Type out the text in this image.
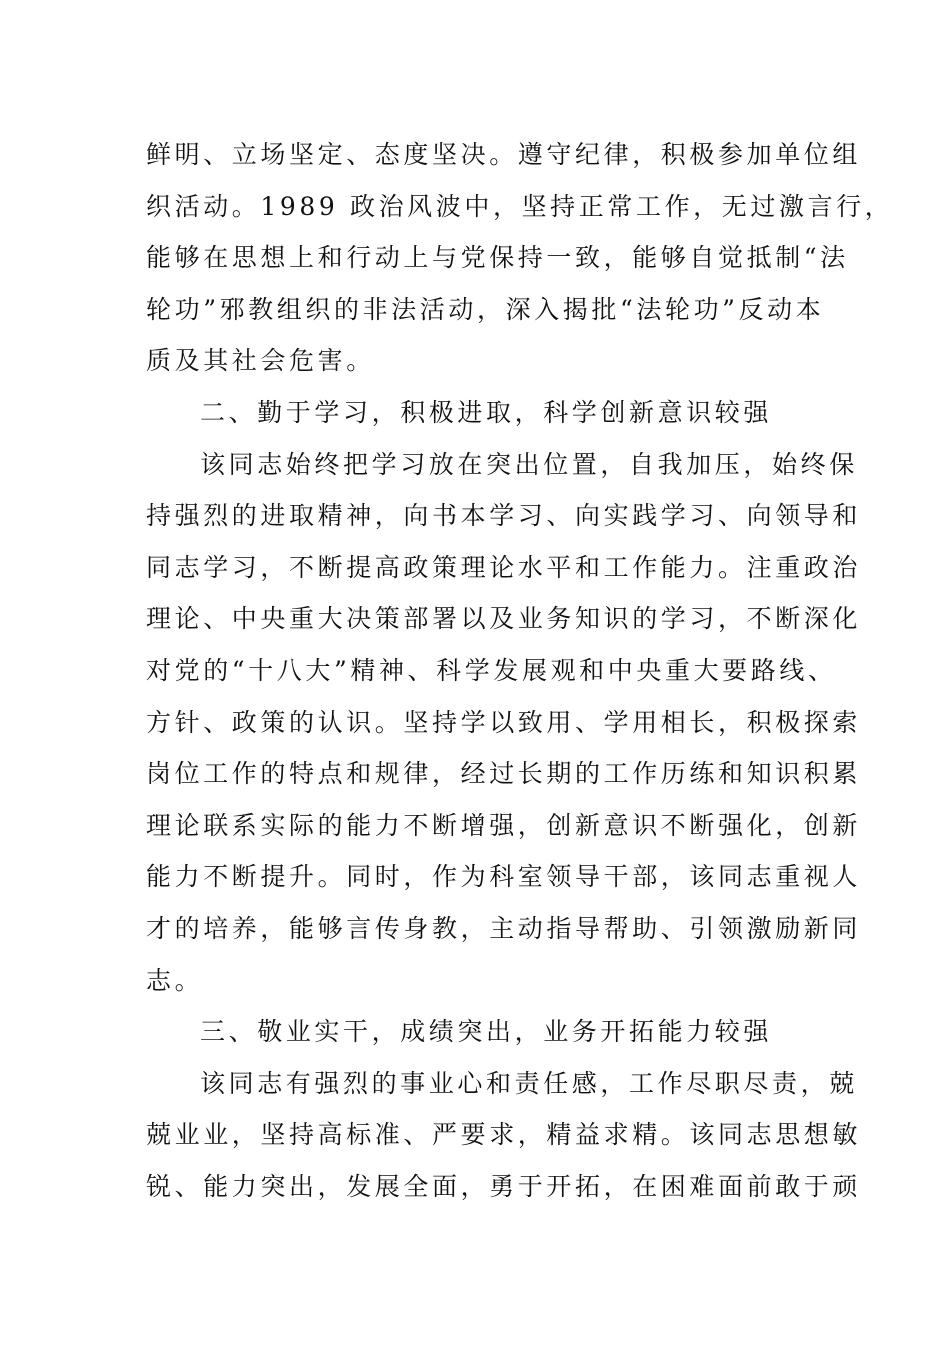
鲜明、立场坚定、态度坚决。遵守纪律，积极参加单位组
织活动。1989 政治风波中，坚持正常工作，无过激言行，
能够在思想上和行动上与党保持一致，能够自觉抵制“法
轮功”邪教组织的非法活动，深入揭批“法轮功”反动本
质及其社会危害。
二、勤于学习，积极进取，科学创新意识较强
该同志始终把学习放在突出位置，自我加压，始终保
持强烈的进取精神，向书本学习、向实践学习、向领导和
同志学习，不断提高政策理论水平和工作能力。注重政治
理论、中央重大决策部署以及业务知识的学习，不断深化
对党的“十八大”精神、科学发展观和中央重大要路线、
方针、政策的认识。坚持学以致用、学用相长，积极探索
岗位工作的特点和规律，经过长期的工作历练和知识积累
理论联系实际的能力不断增强，创新意识不断强化，创新
能力不断提升。同时，作为科室领导干部，该同志重视人
才的培养，能够言传身教，主动指导帮助、引领激励新同
志。
三、敬业实干，成绩突出，业务开拓能力较强
该同志有强烈的事业心和责任感，工作尽职尽责，兢
兢业业，坚持高标准、严要求，精益求精。该同志思想敏
锐、能力突出，发展全面，勇于开拓，在困难面前敢于顽
